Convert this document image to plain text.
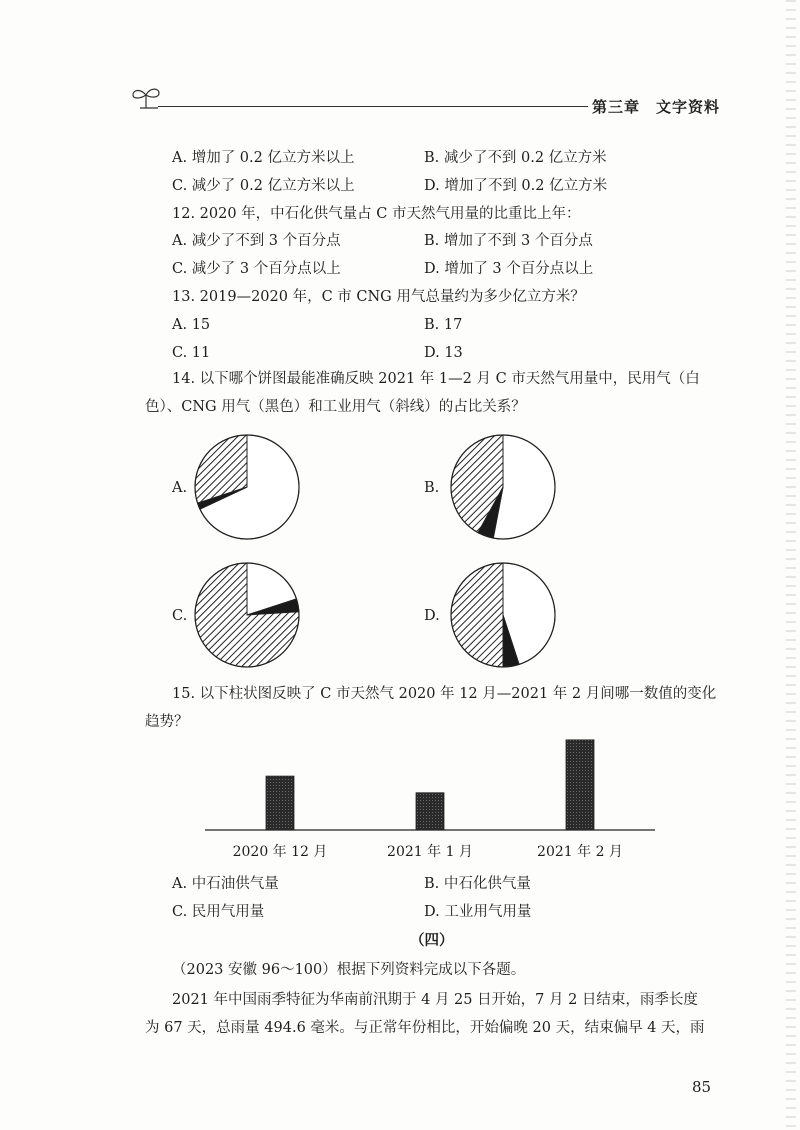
第三章　文字资料
A. 增加了 0.2 亿立方米以上	B. 减少了不到 0.2 亿立方米
C. 减少了 0.2 亿立方米以上	D. 增加了不到 0.2 亿立方米
12. 2020 年，中石化供气量占 C 市天然气用量的比重比上年：
A. 减少了不到 3 个百分点	B. 增加了不到 3 个百分点
C. 减少了 3 个百分点以上	D. 增加了 3 个百分点以上
13. 2019—2020 年，C 市 CNG 用气总量约为多少亿立方米？
A. 15	B. 17
C. 11	D. 13
14. 以下哪个饼图最能准确反映 2021 年 1—2 月 C 市天然气用量中，民用气（白
色）、CNG 用气（黑色）和工业用气（斜线）的占比关系？
A.	B.
C.	D.
15. 以下柱状图反映了 C 市天然气 2020 年 12 月—2021 年 2 月间哪一数值的变化
趋势？
2020 年 12 月	2021 年 1 月	2021 年 2 月
A. 中石油供气量	B. 中石化供气量
C. 民用气用量	D. 工业用气用量
（四）
（2023 安徽 96～100）根据下列资料完成以下各题。
2021 年中国雨季特征为华南前汛期于 4 月 25 日开始，7 月 2 日结束，雨季长度
为 67 天，总雨量 494.6 毫米。与正常年份相比，开始偏晚 20 天，结束偏早 4 天，雨
85
